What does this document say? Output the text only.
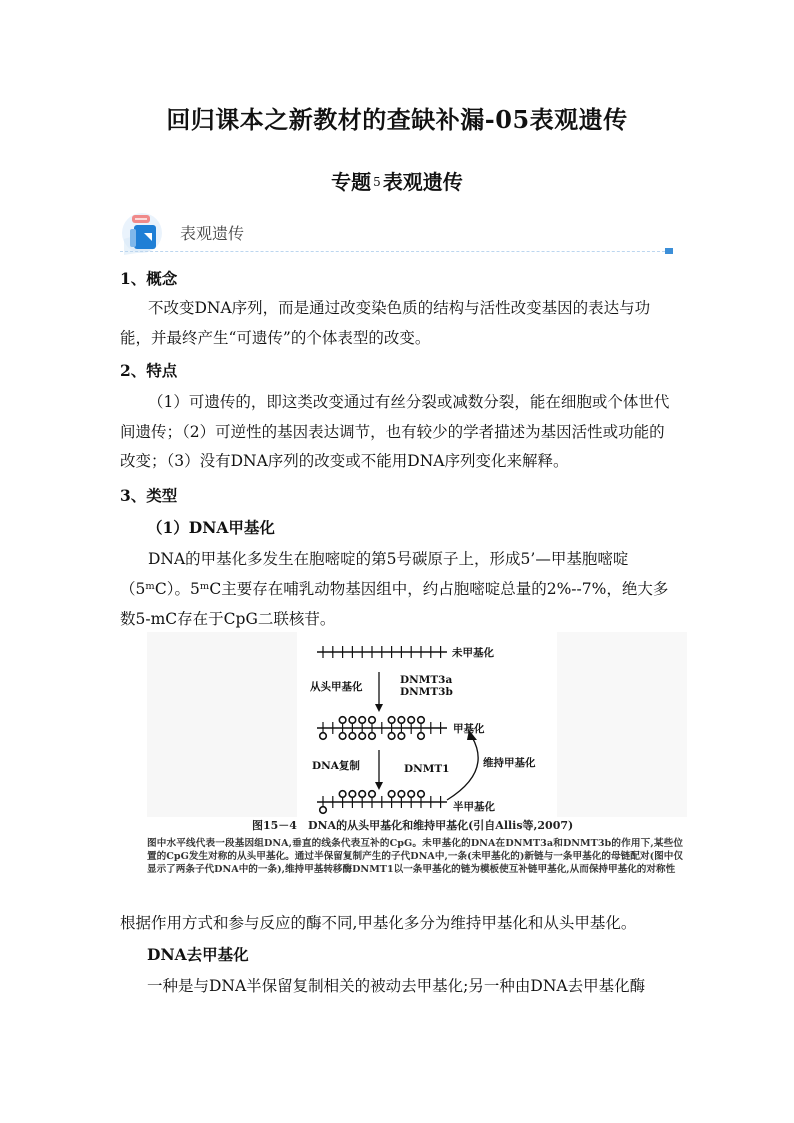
回归课本之新教材的查缺补漏-05表观遗传
专题 5 表观遗传
表观遗传
1、概念
不改变DNA序列，而是通过改变染色质的结构与活性改变基因的表达与功能，并最终产生“可遗传”的个体表型的改变。
2、特点
（1）可遗传的，即这类改变通过有丝分裂或减数分裂，能在细胞或个体世代间遗传；（2）可逆性的基因表达调节，也有较少的学者描述为基因活性或功能的改变；（3）没有DNA序列的改变或不能用DNA序列变化来解释。
3、类型
（1）DNA甲基化
DNA的甲基化多发生在胞嘧啶的第5号碳原子上，形成5’—甲基胞嘧啶（5ᵐC）。5ᵐC主要存在哺乳动物基因组中，约占胞嘧啶总量的2%--7%，绝大多数5-mC存在于CpG二联核苷。
未甲基化
从头甲基化
DNMT3a
DNMT3b
甲基化
DNA复制	DNMT1	维持甲基化
半甲基化
图15－4　DNA的从头甲基化和维持甲基化(引自Allis等,2007)
图中水平线代表一段基因组DNA,垂直的线条代表互补的CpG。未甲基化的DNA在DNMT3a和DNMT3b的作用下,某些位置的CpG发生对称的从头甲基化。通过半保留复制产生的子代DNA中,一条(未甲基化的)新链与一条甲基化的母链配对(图中仅显示了两条子代DNA中的一条),维持甲基转移酶DNMT1以一条甲基化的链为模板使互补链甲基化,从而保持甲基化的对称性
根据作用方式和参与反应的酶不同,甲基化多分为维持甲基化和从头甲基化。
DNA去甲基化
一种是与DNA半保留复制相关的被动去甲基化;另一种由DNA去甲基化酶
